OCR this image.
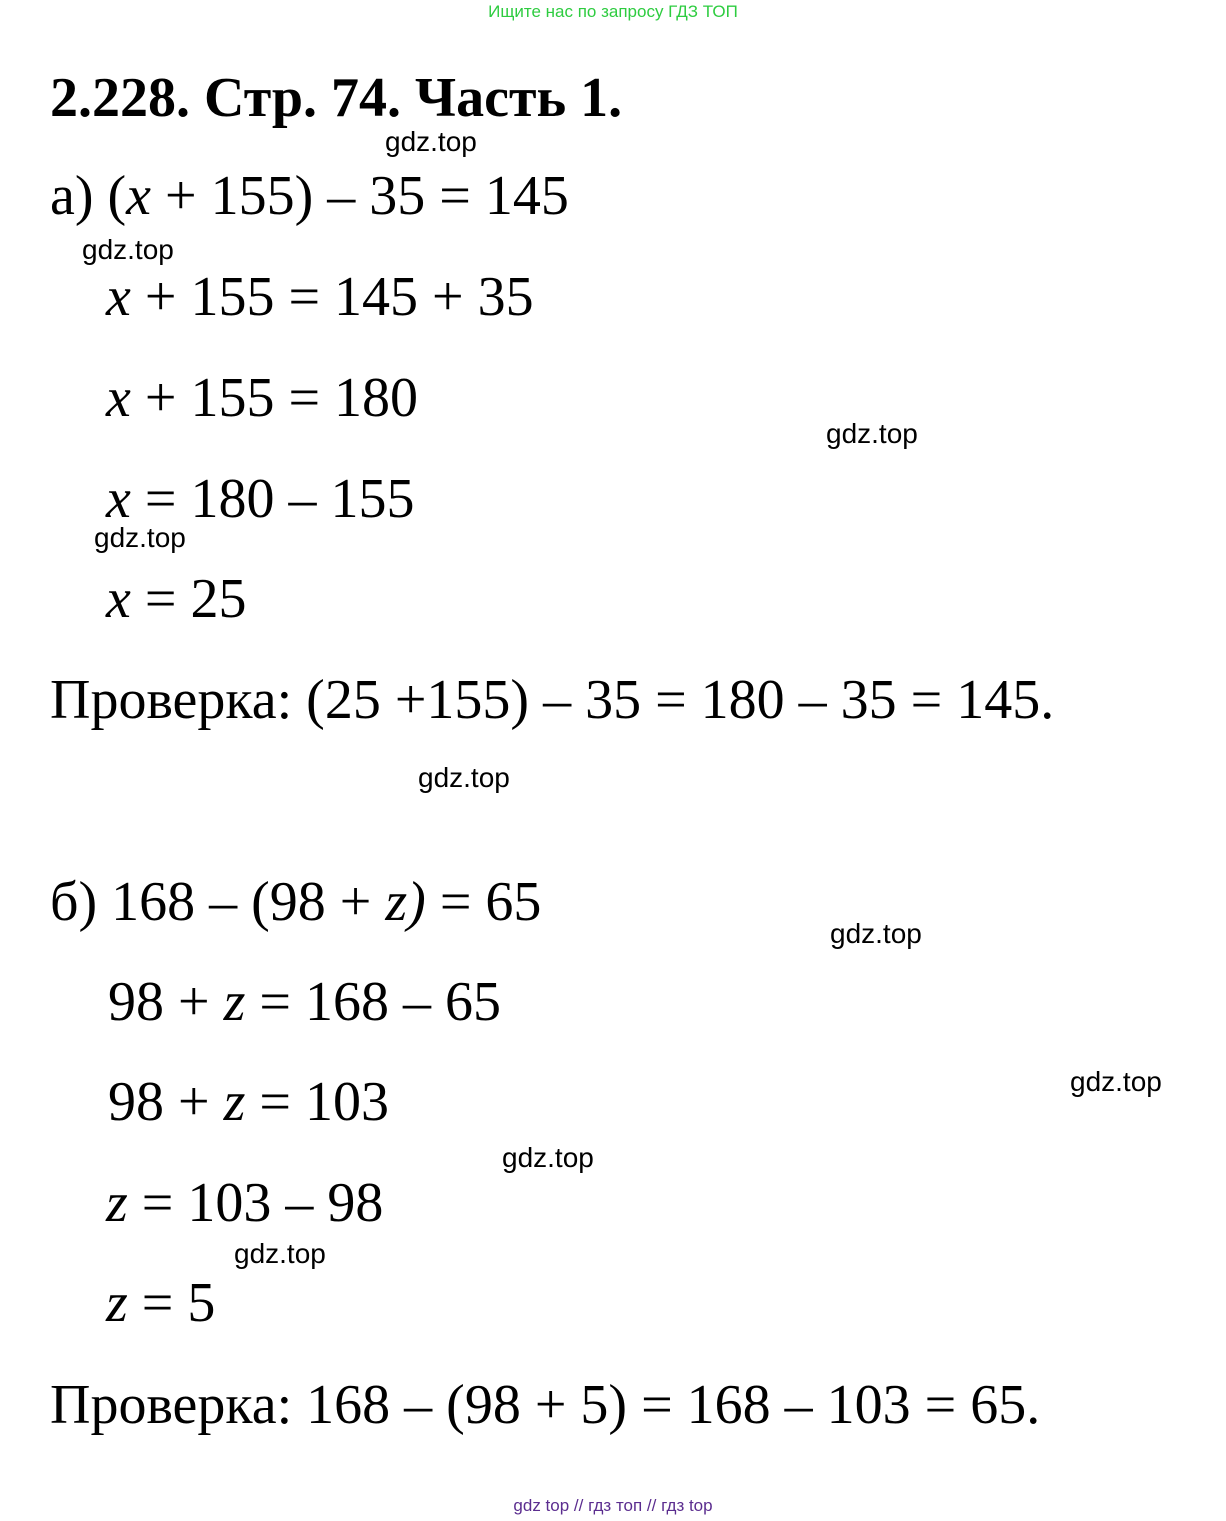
Ищите нас по запросу ГДЗ ТОП
2.228. Стр. 74. Часть 1.
а) (x + 155) – 35 = 145
x + 155 = 145 + 35
x + 155 = 180
x = 180 – 155
x = 25
Проверка: (25 +155) – 35 = 180 – 35 = 145.
б) 168 – (98 + z) = 65
98 + z = 168 – 65
98 + z = 103
z = 103 – 98
z = 5
Проверка: 168 – (98 + 5) = 168 – 103 = 65.
gdz.top
gdz.top
gdz.top
gdz.top
gdz.top
gdz.top
gdz.top
gdz.top
gdz.top
gdz top // гдз топ // гдз top
